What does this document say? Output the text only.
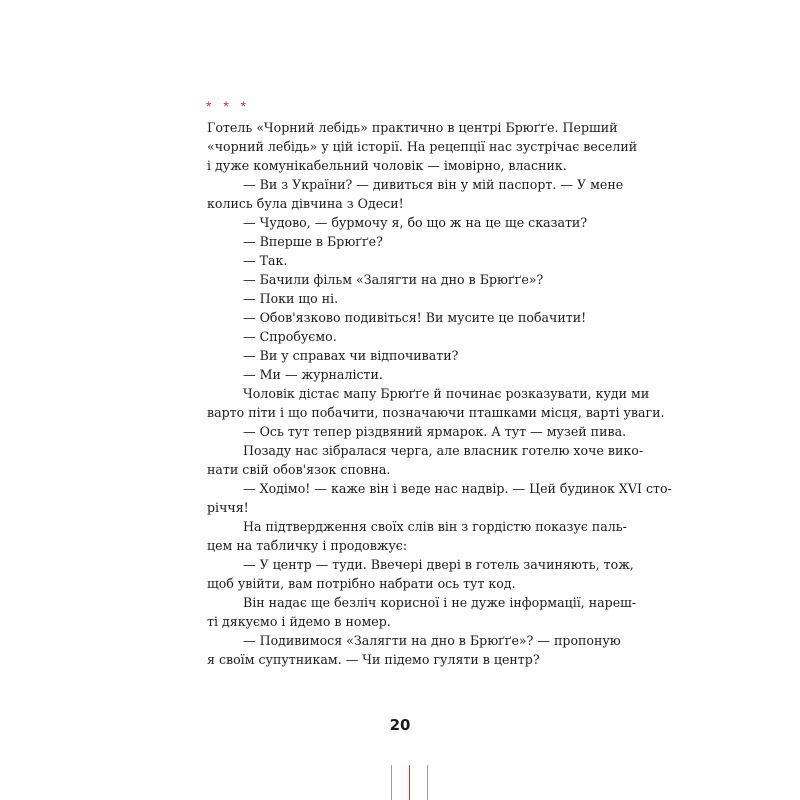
* * *
Готель «Чорний лебідь» практично в центрі Брюґґе. Перший
«чорний лебідь» у цій історії. На рецепції нас зустрічає веселий
і дуже комунікабельний чоловік — імовірно, власник.
— Ви з України? — дивиться він у мій паспорт. — У мене
колись була дівчина з Одеси!
— Чудово, — бурмочу я, бо що ж на це ще сказати?
— Вперше в Брюґґе?
— Так.
— Бачили фільм «Залягти на дно в Брюґґе»?
— Поки що ні.
— Обов'язково подивіться! Ви мусите це побачити!
— Спробуємо.
— Ви у справах чи відпочивати?
— Ми — журналісти.
Чоловік дістає мапу Брюґґе й починає розказувати, куди ми
варто піти і що побачити, позначаючи пташками місця, варті уваги.
— Ось тут тепер різдвяний ярмарок. А тут — музей пива.
Позаду нас зібралася черга, але власник готелю хоче вико-
нати свій обов'язок сповна.
— Ходімо! — каже він і веде нас надвір. — Цей будинок XVI сто-
річчя!
На підтвердження своїх слів він з гордістю показує паль-
цем на табличку і продовжує:
— У центр — туди. Ввечері двері в готель зачиняють, тож,
щоб увійти, вам потрібно набрати ось тут код.
Він надає ще безліч корисної і не дуже інформації, нареш-
ті дякуємо і йдемо в номер.
— Подивимося «Залягти на дно в Брюґґе»? — пропоную
я своїм супутникам. — Чи підемо гуляти в центр?
20
